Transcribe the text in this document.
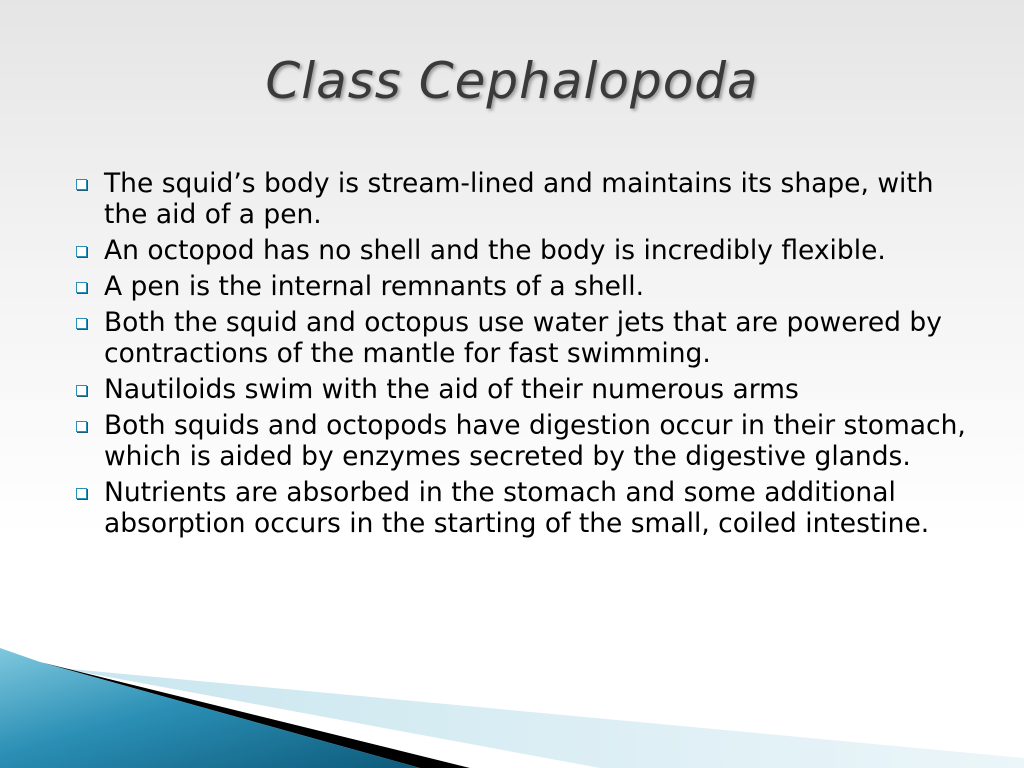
Class Cephalopoda
The squid’s body is stream-lined and maintains its shape, with the aid of a pen.
An octopod has no shell and the body is incredibly flexible.
A pen is the internal remnants of a shell.
Both the squid and octopus use water jets that are powered by contractions of the mantle for fast swimming.
Nautiloids swim with the aid of their numerous arms
Both squids and octopods have digestion occur in their stomach, which is aided by enzymes secreted by the digestive glands.
Nutrients are absorbed in the stomach and some additional absorption occurs in the starting of the small, coiled intestine.
